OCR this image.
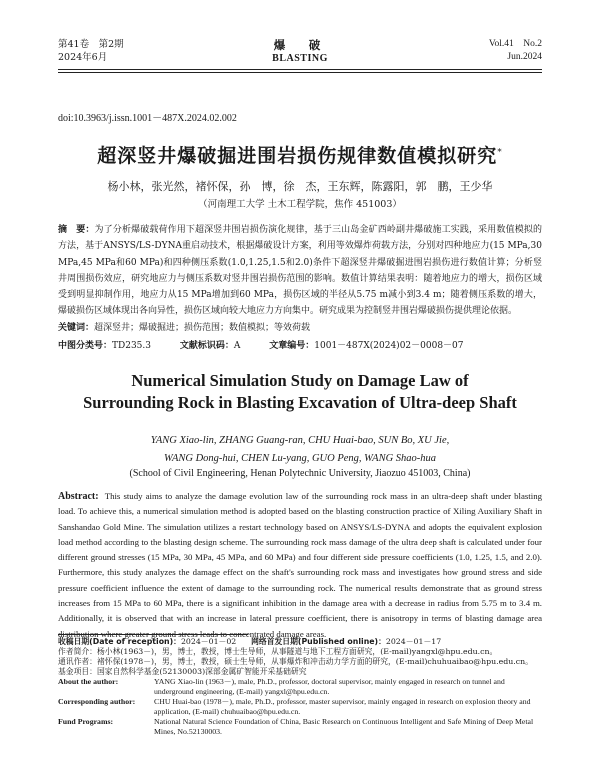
第41卷　第2期
2024年6月
爆　破
BLASTING
Vol.41　No.2
Jun.2024
doi:10.3963/j.issn.1001－487X.2024.02.002
超深竖井爆破掘进围岩损伤规律数值模拟研究*
杨小林，张光然，褚怀保，孙　博，徐　杰，王东辉，陈露阳，郭　鹏，王少华
（河南理工大学 土木工程学院，焦作 451003）
摘　要：为了分析爆破载荷作用下超深竖井围岩损伤演化规律，基于三山岛金矿西岭副井爆破施工实践，采用数值模拟的方法，基于ANSYS/LS-DYNA重启动技术，根据爆破设计方案，利用等效爆炸荷载方法，分别对四种地应力(15 MPa,30 MPa,45 MPa和60 MPa)和四种侧压系数(1.0,1.25,1.5和2.0)条件下超深竖井爆破掘进围岩损伤进行数值计算；分析竖井周围损伤效应，研究地应力与侧压系数对竖井围岩损伤范围的影响。数值计算结果表明：随着地应力的增大，损伤区域受到明显抑制作用，地应力从15 MPa增加到60 MPa，损伤区域的半径从5.75 m减小到3.4 m；随着侧压系数的增大，爆破损伤区域体现出各向异性，损伤区域向较大地应力方向集中。研究成果为控制竖井围岩爆破损伤提供理论依据。
关键词：超深竖井；爆破掘进；损伤范围；数值模拟；等效荷载
中图分类号：TD235.3	文献标识码：A	文章编号：1001－487X(2024)02－0008－07
Numerical Simulation Study on Damage Law of
Surrounding Rock in Blasting Excavation of Ultra-deep Shaft
YANG Xiao-lin, ZHANG Guang-ran, CHU Huai-bao, SUN Bo, XU Jie,
WANG Dong-hui, CHEN Lu-yang, GUO Peng, WANG Shao-hua
(School of Civil Engineering, Henan Polytechnic University, Jiaozuo 451003, China)
Abstract: This study aims to analyze the damage evolution law of the surrounding rock mass in an ultra-deep shaft under blasting load. To achieve this, a numerical simulation method is adopted based on the blasting construction practice of Xiling Auxiliary Shaft in Sanshandao Gold Mine. The simulation utilizes a restart technology based on ANSYS/LS-DYNA and adopts the equivalent explosion load method according to the blasting design scheme. The surrounding rock mass damage of the ultra deep shaft is calculated under four different ground stresses (15 MPa, 30 MPa, 45 MPa, and 60 MPa) and four different side pressure coefficients (1.0, 1.25, 1.5, and 2.0). Furthermore, this study analyzes the damage effect on the shaft's surrounding rock mass and investigates how ground stress and side pressure coefficient influence the extent of damage to the surrounding rock. The numerical results demonstrate that as ground stress increases from 15 MPa to 60 MPa, there is a significant inhibition in the damage area with a decrease in radius from 5.75 m to 3.4 m. Additionally, it is observed that with an increase in lateral pressure coefficient, there is anisotropy in terms of blasting damage area distribution where greater ground stress leads to concentrated damage areas.
收稿日期(Date of reception)：2024－01－02 网络首发日期(Published online)：2024－01－17
作者简介：杨小林(1963－)，男，博士，教授，博士生导师，从事隧道与地下工程方面研究，(E-mail)yangxl@hpu.edu.cn。
通讯作者：褚怀保(1978－)，男，博士，教授，硕士生导师，从事爆炸和冲击动力学方面的研究，(E-mail)chuhuaibao@hpu.edu.cn。
基金项目：国家自然科学基金(52130003)深部金属矿智能开采基础研究
About the author:	YANG Xiao-lin (1963－), male, Ph.D., professor, doctoral supervisor, mainly engaged in research on tunnel and underground engineering, (E-mail) yangxl@hpu.edu.cn.
Corresponding author:	CHU Huai-bao (1978－), male, Ph.D., professor, master supervisor, mainly engaged in research on explosion theory and application, (E-mail) chuhuaibao@hpu.edu.cn.
Fund Programs:	National Natural Science Foundation of China, Basic Research on Continuous Intelligent and Safe Mining of Deep Metal Mines, No.52130003.
